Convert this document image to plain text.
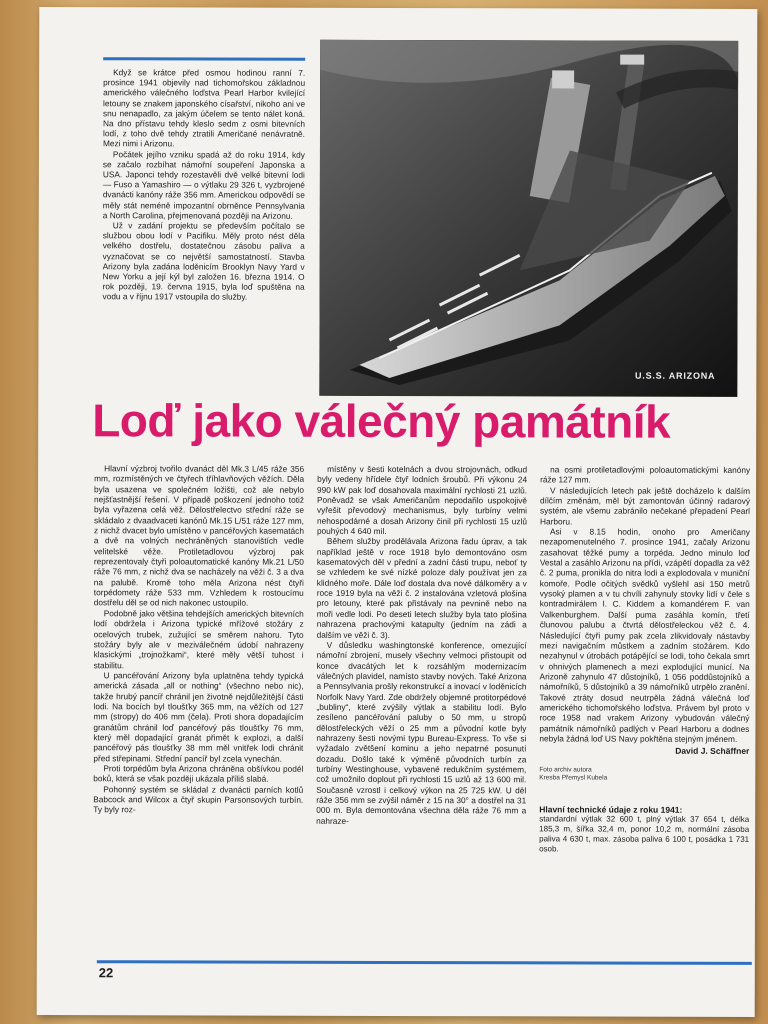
Když se krátce před osmou hodinou ranní 7. prosince 1941 objevily nad tichomořskou základnou amerického válečného loďstva Pearl Harbor kvilející letouny se znakem japonského císařství, nikoho ani ve snu nenapadlo, za jakým účelem se tento nálet koná. Na dno přístavu tehdy kleslo sedm z osmi bitevních lodí, z toho dvě tehdy ztratili Američané nenávratně. Mezi nimi i Arizonu.

Počátek jejího vzniku spadá až do roku 1914, kdy se začalo rozbíhat námořní soupeření Japonska a USA. Japonci tehdy rozestavěli dvě velké bitevní lodi — Fuso a Yamashiro — o výtlaku 29 326 t, vyzbrojené dvanácti kanóny ráže 356 mm. Americkou odpovědí se měly stát neméně impozantní obrněnce Pennsylvania a North Carolina, přejmenovaná později na Arizonu.

Už v zadání projektu se především počítalo se službou obou lodí v Pacifiku. Měly proto nést děla velkého dostřelu, dostatečnou zásobu paliva a vyznačovat se co největší samostatností. Stavba Arizony byla zadána loděnicím Brooklyn Navy Yard v New Yorku a její kýl byl založen 16. března 1914. O rok později, 19. června 1915, byla loď spuštěna na vodu a v říjnu 1917 vstoupila do služby.

U.S.S. ARIZONA
Loď jako válečný památník

Hlavní výzbroj tvořilo dvanáct děl Mk.3 L/45 ráže 356 mm, rozmístěných ve čtyřech tříhlavňových věžích. Děla byla usazena ve společném ložišti, což ale nebylo nejšťastnější řešení. V případě poškození jednoho totiž byla vyřazena celá věž. Dělostřelectvo střední ráže se skládalo z dvaadvaceti kanónů Mk.15 L/51 ráže 127 mm, z nichž dvacet bylo umístěno v pancéřových kasematách a dvě na volných nechráněných stanovištích vedle velitelské věže. Protiletadlovou výzbroj pak reprezentovaly čtyři poloautomatické kanóny Mk.21 L/50 ráže 76 mm, z nichž dva se nacházely na věži č. 3 a dva na palubě. Kromě toho měla Arizona nést čtyři torpédomety ráže 533 mm. Vzhledem k rostoucímu dostřelu děl se od nich nakonec ustoupilo.

Podobně jako většina tehdejších amerických bitevních lodí obdržela i Arizona typické mřížové stožáry z ocelových trubek, zužující se směrem nahoru. Tyto stožáry byly ale v meziválečném údobí nahrazeny klasickými „trojnožkami“, které měly větší tuhost i stabilitu.

U pancéřování Arizony byla uplatněna tehdy typická americká zásada „all or nothing“ (všechno nebo nic), takže hrubý pancíř chránil jen životně nejdůležitější části lodi. Na bocích byl tloušťky 365 mm, na věžích od 127 mm (stropy) do 406 mm (čela). Proti shora dopadajícím granátům chránil loď pancéřový pás tloušťky 76 mm, který měl dopadající granát přimět k explozi, a další pancéřový pás tloušťky 38 mm měl vnitřek lodi chránit před střepinami. Střední pancíř byl zcela vynechán.

Proti torpédům byla Arizona chráněna obšívkou podél boků, která se však později ukázala příliš slabá.

Pohonný systém se skládal z dvanácti parních kotlů Babcock and Wilcox a čtyř skupin Parsonsových turbín. Ty byly roz-

místěny v šesti kotelnách a dvou strojovnách, odkud byly vedeny hřídele čtyř lodních šroubů. Při výkonu 24 990 kW pak loď dosahovala maximální rychlosti 21 uzlů. Poněvadž se však Američanům nepodařilo uspokojivě vyřešit převodový mechanismus, byly turbíny velmi nehospodárné a dosah Arizony činil při rychlosti 15 uzlů pouhých 4 640 mil.

Během služby prodělávala Arizona řadu úprav, a tak například ještě v roce 1918 bylo demontováno osm kasematových děl v přední a zadní části trupu, neboť ty se vzhledem ke své nízké poloze daly používat jen za klidného moře. Dále loď dostala dva nové dálkoměry a v roce 1919 byla na věži č. 2 instalována vzletová plošina pro letouny, které pak přistávaly na pevnině nebo na moři vedle lodi. Po deseti letech služby byla tato plošina nahrazena prachovými katapulty (jedním na zádi a dalším ve věži č. 3).

V důsledku washingtonské konference, omezující námořní zbrojení, musely všechny velmoci přistoupit od konce dvacátých let k rozsáhlým modernizacím válečných plavidel, namísto stavby nových. Také Arizona a Pennsylvania prošly rekonstrukcí a inovací v loděnicích Norfolk Navy Yard. Zde obdržely objemné protitorpédové „bubliny“, které zvýšily výtlak a stabilitu lodí. Bylo zesíleno pancéřování paluby o 50 mm, u stropů dělostřeleckých věží o 25 mm a původní kotle byly nahrazeny šesti novými typu Bureau-Express. To vše si vyžadalo zvětšení kominu a jeho nepatrné posunutí dozadu. Došlo také k výměně původních turbín za turbíny Westinghouse, vybavené redukčním systémem, což umožnilo doplout při rychlosti 15 uzlů až 13 600 mil. Současně vzrostl i celkový výkon na 25 725 kW. U děl ráže 356 mm se zvýšil náměr z 15 na 30° a dostřel na 31 000 m. Byla demontována všechna děla ráže 76 mm a nahraze-

na osmi protiletadlovými poloautomatickými kanóny ráže 127 mm.

V následujících letech pak ještě docházelo k dalším dílčím změnám, měl být zamontován účinný radarový systém, ale všemu zabránilo nečekané přepadení Pearl Harboru.

Asi v 8.15 hodin, onoho pro Američany nezapomenutelného 7. prosince 1941, začaly Arizonu zasahovat těžké pumy a torpéda. Jedno minulo loď Vestal a zasáhlo Arizonu na přídi, vzápětí dopadla za věž č. 2 puma, pronikla do nitra lodi a explodovala v muniční komoře. Podle očitých svědků vyšlehl asi 150 metrů vysoký plamen a v tu chvíli zahynuly stovky lidí v čele s kontradmirálem I. C. Kiddem a komandérem F. van Valkenburghem. Další puma zasáhla komín, třetí člunovou palubu a čtvrtá dělostřeleckou věž č. 4. Následující čtyři pumy pak zcela zlikvidovaly nástavby mezi navigačním můstkem a zadním stožárem. Kdo nezahynul v útrobách potápějící se lodi, toho čekala smrt v ohnivých plamenech a mezi explodující municí. Na Arizoně zahynulo 47 důstojníků, 1 056 poddůstojníků a námořníků, 5 důstojníků a 39 námořníků utrpělo zranění. Takové ztráty dosud neutrpěla žádná válečná loď amerického tichomořského loďstva. Právem byl proto v roce 1958 nad vrakem Arizony vybudován válečný památník námořníků padlých v Pearl Harboru a dodnes nebyla žádná loď US Navy pokřtěna stejným jménem.

David J. Schäffner
Foto archiv autora
Kresba Přemysl Kubela
Hlavní technické údaje z roku 1941:
standardní výtlak 32 600 t, plný výtlak 37 654 t, délka 185,3 m, šířka 32,4 m, ponor 10,2 m, normální zásoba paliva 4 630 t, max. zásoba paliva 6 100 t, posádka 1 731 osob.
22
